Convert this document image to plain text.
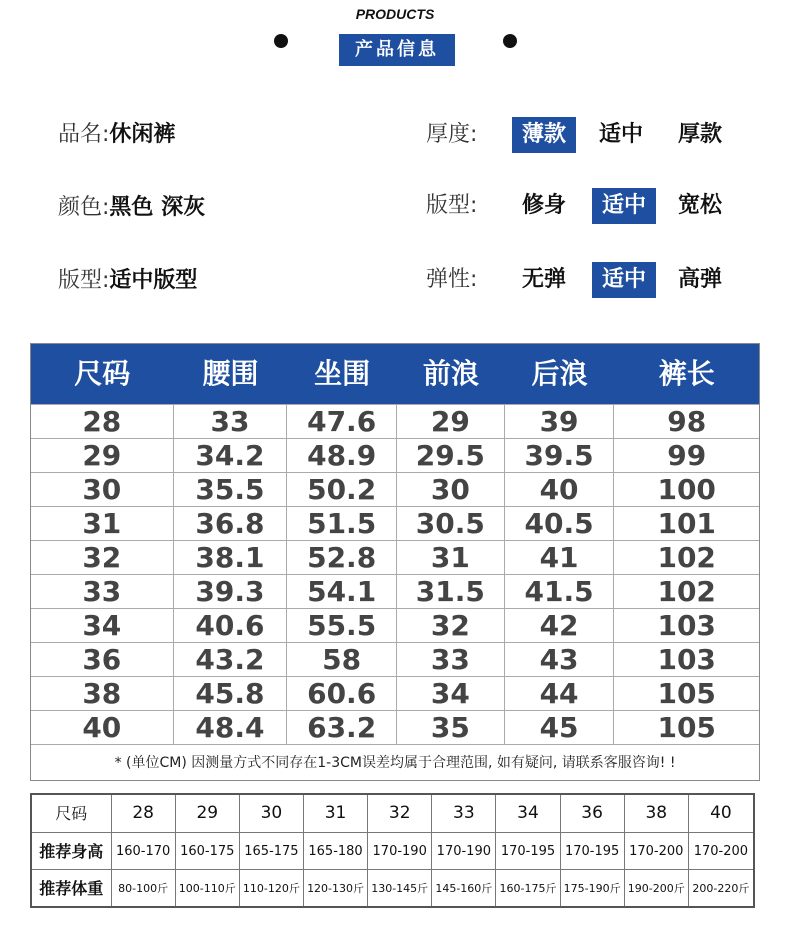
PRODUCTS
产品信息
品名:休闲裤
颜色:黑色 深灰
版型:适中版型
厚度:	薄款	适中	厚款
版型:	修身	适中	宽松
弹性:	无弹	适中	高弹
尺码	腰围	坐围	前浪	后浪	裤长
28	33	47.6	29	39	98
29	34.2	48.9	29.5	39.5	99
30	35.5	50.2	30	40	100
31	36.8	51.5	30.5	40.5	101
32	38.1	52.8	31	41	102
33	39.3	54.1	31.5	41.5	102
34	40.6	55.5	32	42	103
36	43.2	58	33	43	103
38	45.8	60.6	34	44	105
40	48.4	63.2	35	45	105
* (单位CM) 因测量方式不同存在1-3CM误差均属于合理范围, 如有疑问, 请联系客服咨询! !
尺码	28	29	30	31	32	33	34	36	38	40
推荐身高 160-170 160-175 165-175 165-180 170-190 170-190 170-195 170-195 170-200 170-200
推荐体重	80-100斤 100-110斤 110-120斤 120-130斤 130-145斤 145-160斤 160-175斤 175-190斤 190-200斤 200-220斤
